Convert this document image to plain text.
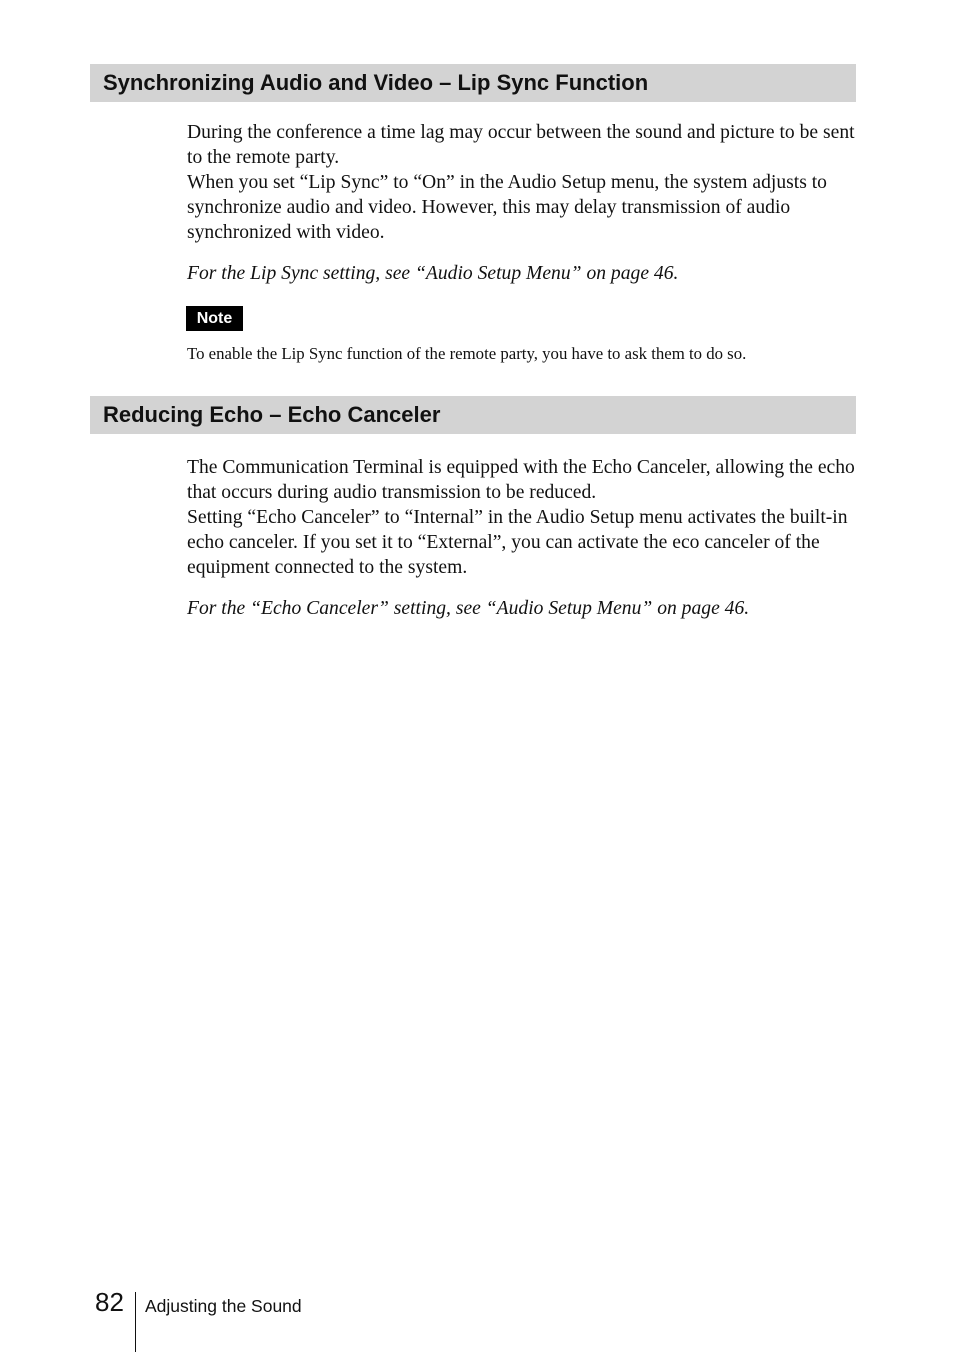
Synchronizing Audio and Video – Lip Sync Function

During the conference a time lag may occur between the sound and picture to be sent to the remote party.

When you set “Lip Sync” to “On” in the Audio Setup menu, the system adjusts to synchronize audio and video. However, this may delay transmission of audio synchronized with video.

For the Lip Sync setting, see “Audio Setup Menu” on page 46.
Note
To enable the Lip Sync function of the remote party, you have to ask them to do so.
Reducing Echo – Echo Canceler

The Communication Terminal is equipped with the Echo Canceler, allowing the echo that occurs during audio transmission to be reduced.

Setting “Echo Canceler” to “Internal” in the Audio Setup menu activates the built-in echo canceler. If you set it to “External”, you can activate the eco canceler of the equipment connected to the system.

For the “Echo Canceler” setting, see “Audio Setup Menu” on page 46.
82 Adjusting the Sound
